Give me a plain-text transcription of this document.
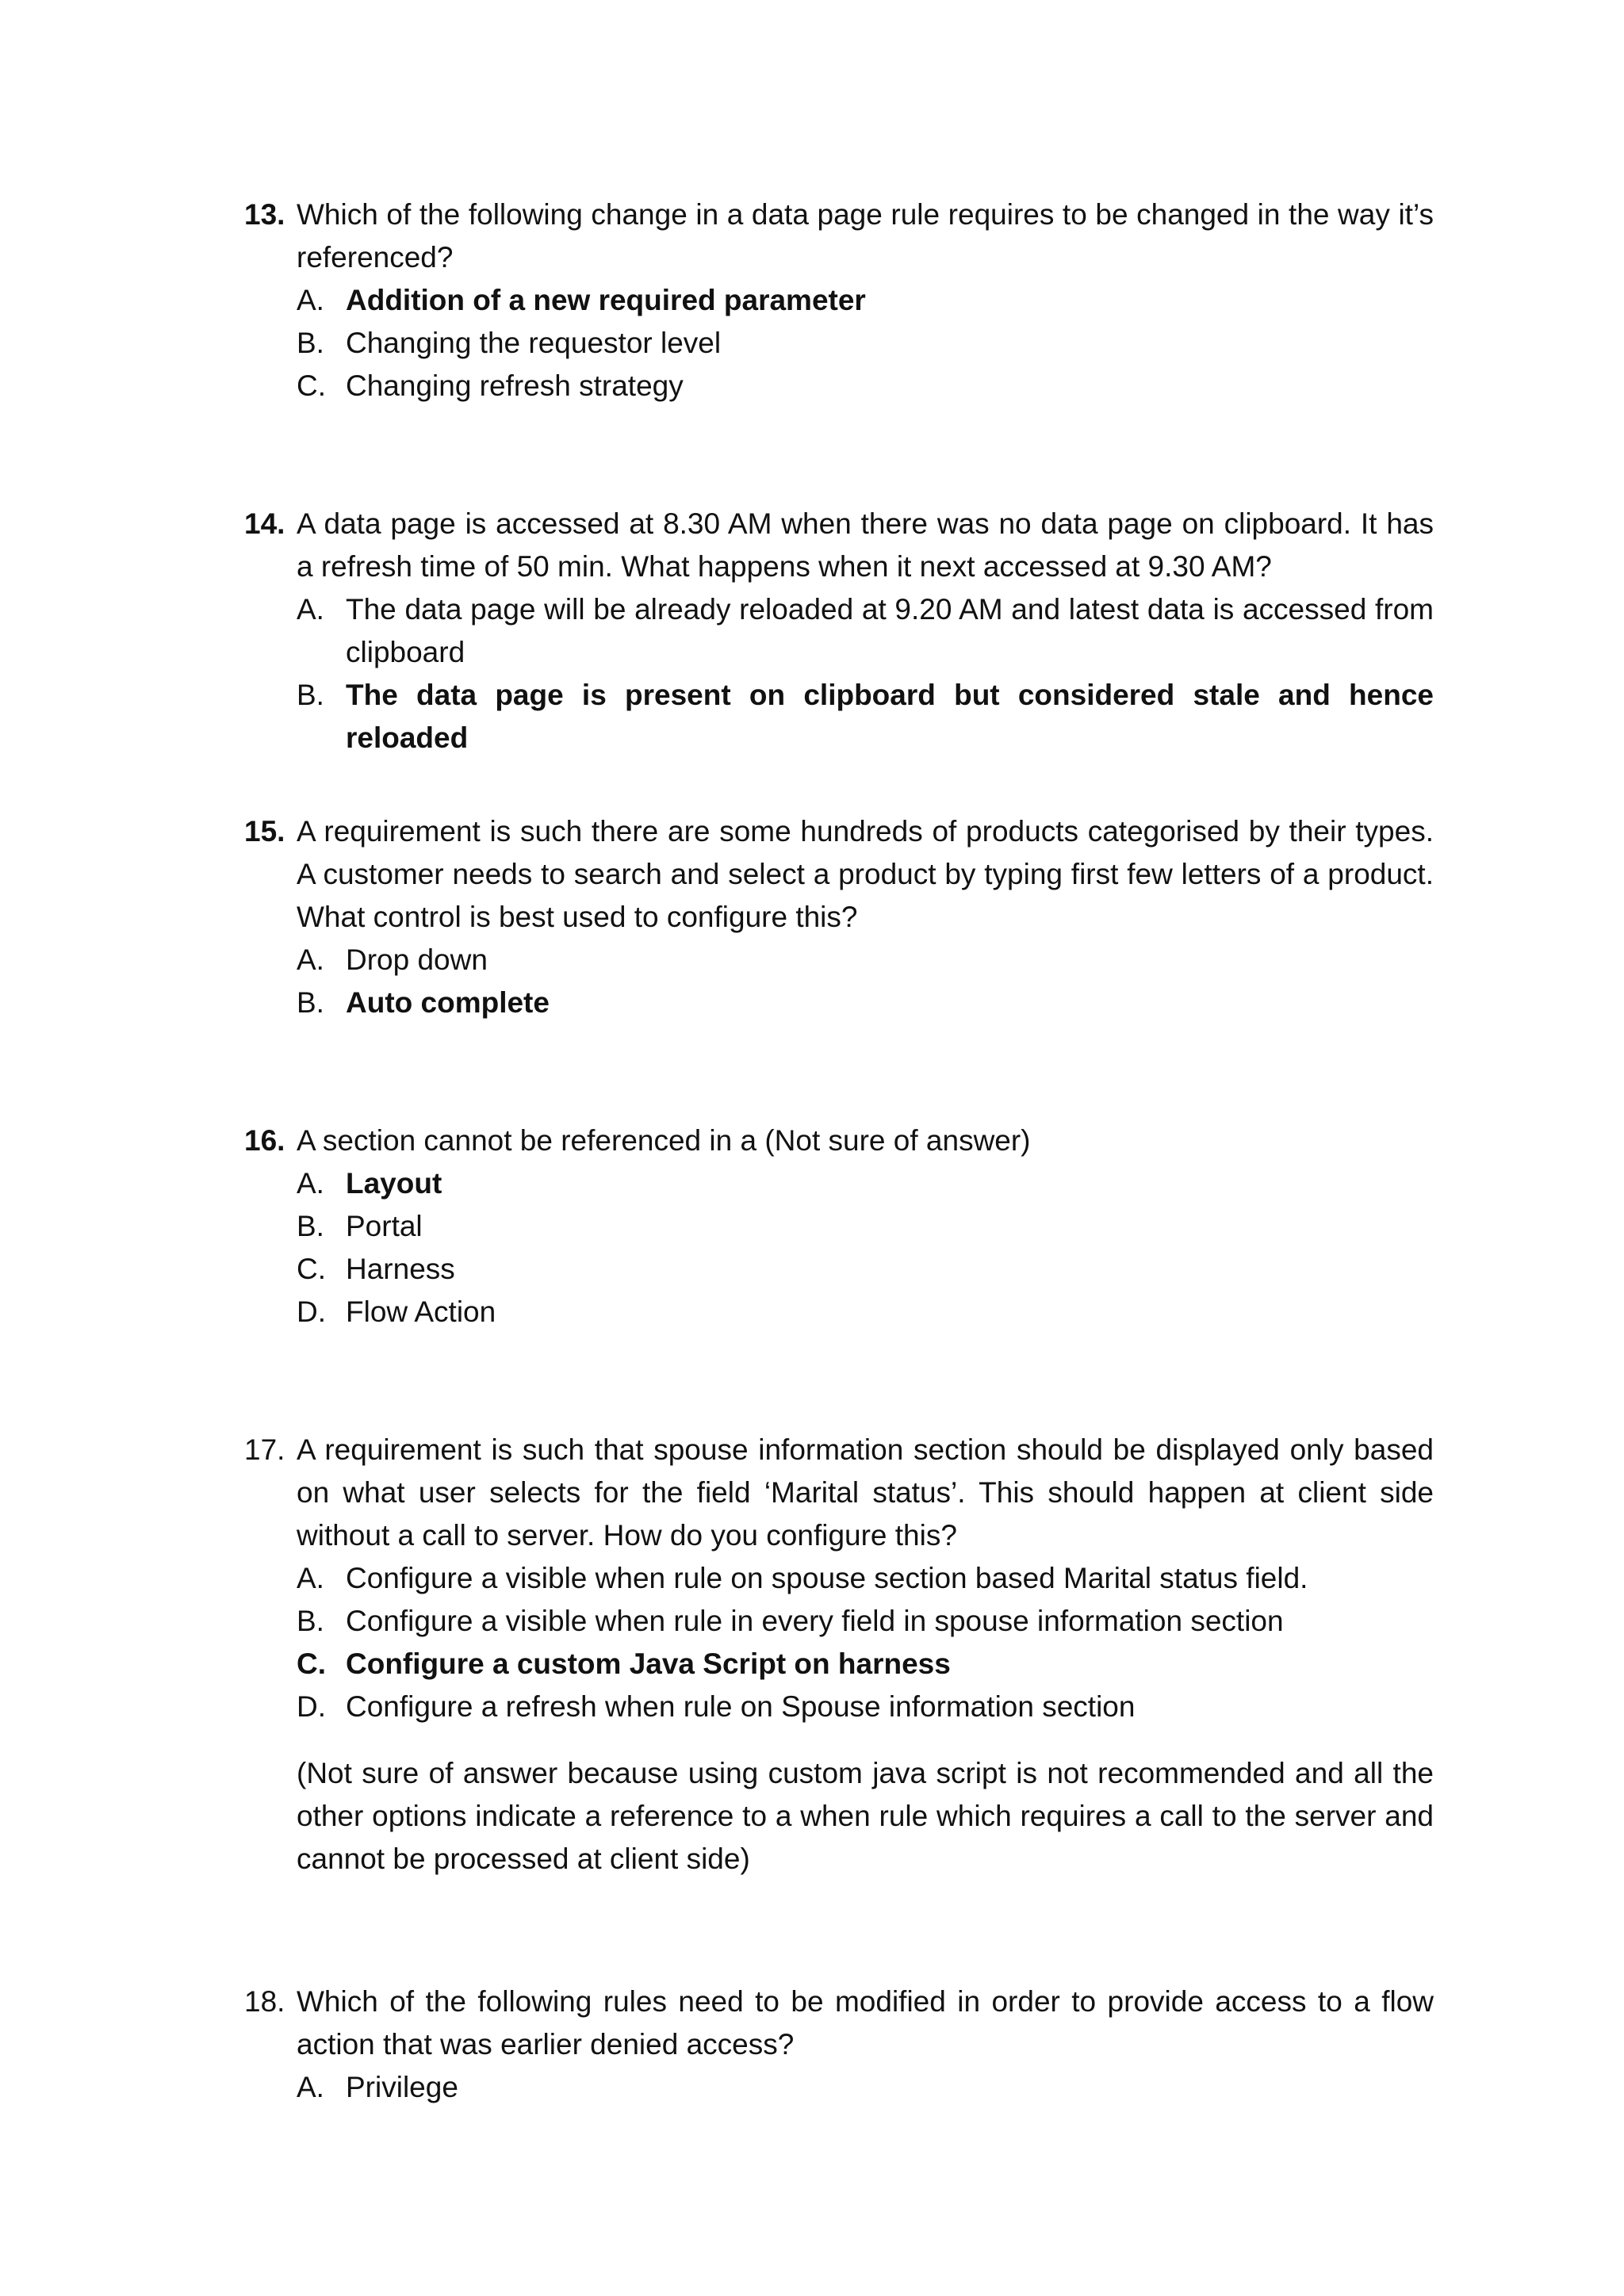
13. Which of the following change in a data page rule requires to be changed in the way it’s referenced?
A. Addition of a new required parameter
B. Changing the requestor level
C. Changing refresh strategy
14. A data page is accessed at 8.30 AM when there was no data page on clipboard. It has a refresh time of 50 min. What happens when it next accessed at 9.30 AM?
A. The data page will be already reloaded at 9.20 AM and latest data is accessed from clipboard
B. The data page is present on clipboard but considered stale and hence reloaded
15. A requirement is such there are some hundreds of products categorised by their types. A customer needs to search and select a product by typing first few letters of a product. What control is best used to configure this?
A. Drop down
B. Auto complete
16. A section cannot be referenced in a (Not sure of answer)
A. Layout
B. Portal
C. Harness
D. Flow Action
17. A requirement is such that spouse information section should be displayed only based on what user selects for the field ‘Marital status’. This should happen at client side without a call to server. How do you configure this?
A. Configure a visible when rule on spouse section based Marital status field.
B. Configure a visible when rule in every field in spouse information section
C. Configure a custom Java Script on harness
D. Configure a refresh when rule on Spouse information section
(Not sure of answer because using custom java script is not recommended and all the other options indicate a reference to a when rule which requires a call to the server and cannot be processed at client side)
18. Which of the following rules need to be modified in order to provide access to a flow action that was earlier denied access?
A. Privilege
